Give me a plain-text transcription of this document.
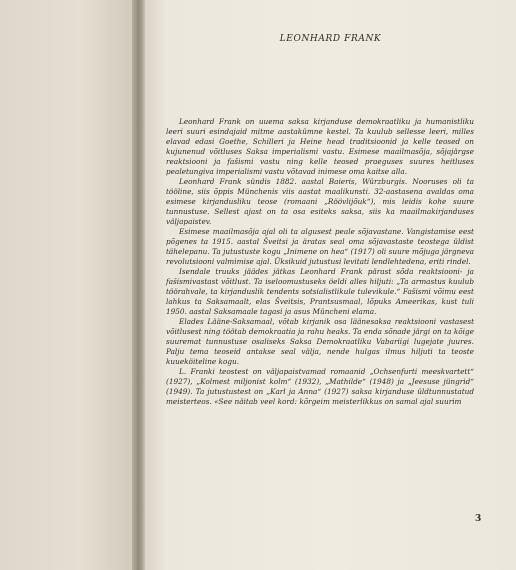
LEONHARD FRANK

Leonhard Frank on uuema saksa kirjanduse demokraatliku ja humanistliku leeri suuri esindajaid mitme aastakümne kestel. Ta kuulub sellesse leeri, milles elavad edasi Goethe, Schilleri ja Heine head traditsioonid ja kelle teosed on kujunenud võitluses Saksa imperialismi vastu. Esimese maailmasõja, sõjajärgse reaktsiooni ja fašismi vastu ning kelle teosed praeguses suures heitluses pealetungiva imperialismi vastu võtavad inimese oma kaitse alla.

Leonhard Frank sündis 1882. aastal Baieris, Würzburgis. Nooruses oli ta tööline, siis õppis Münchenis viis aastat maalikunsti. 32-aastasena avaldas oma esimese kirjandusliku teose (romaani „Röövlijõuk“), mis leidis kohe suure tunnustuse. Sellest ajast on ta osa esiteks saksa, siis ka maailmakirjanduses väljapaistev.

Esimese maailmasõja ajal oli ta algusest peale sõjavastane. Vangistamise eest põgenes ta 1915. aastal Šveitsi ja äratas seal oma sõjavastaste teostega üldist tähelepanu. Ta jutustuste kogu „Inimene on hea“ (1917) oli suure mõjuga järgneva revolutsiooni valmimise ajal. Üksikuid jutustusi levitati lendlehtedena, eriti rindel.

Isendale truuks jäädes jätkas Leonhard Frank pärast sõda reaktsiooni- ja fašismivastast võitlust. Ta iseloomustuseks öeldi alles hiljuti: „Ta armastus kuulub töörahvale, ta kirjanduslik tendents sotsialistlikule tulevikule.“ Fašismi võimu eest lahkus ta Saksamaalt, elas Šveitsis, Prantsusmaal, lõpuks Ameerikas, kust tuli 1950. aastal Saksamaale tagasi ja asus Müncheni elama.

Elades Lääne-Saksamaal, võtab kirjanik osa läänesaksa reaktsiooni vastasest võitlusest ning töötab demokraatia ja rahu heaks. Ta enda sõnade järgi on ta kõige suuremat tunnustuse osaliseks Saksa Demokraatliku Vabariigi lugejate juures. Palju tema teoseid antakse seal välja, nende hulgas ilmus hiljuti ta teoste kuueköiteline kogu.

L. Franki teostest on väljapaistvamad romaanid „Ochsenfurti meeskvartett“ (1927), „Kolmest miljonist kolm“ (1932), „Mathilde“ (1948) ja „Jeesuse jüngrid“ (1949). Ta jutustustest on „Karl ja Anna“ (1927) saksa kirjanduse üldtunnustatud meisterteos. «See näitab veel kord: kõrgeim meisterlikkus on samal ajal suurim

3
